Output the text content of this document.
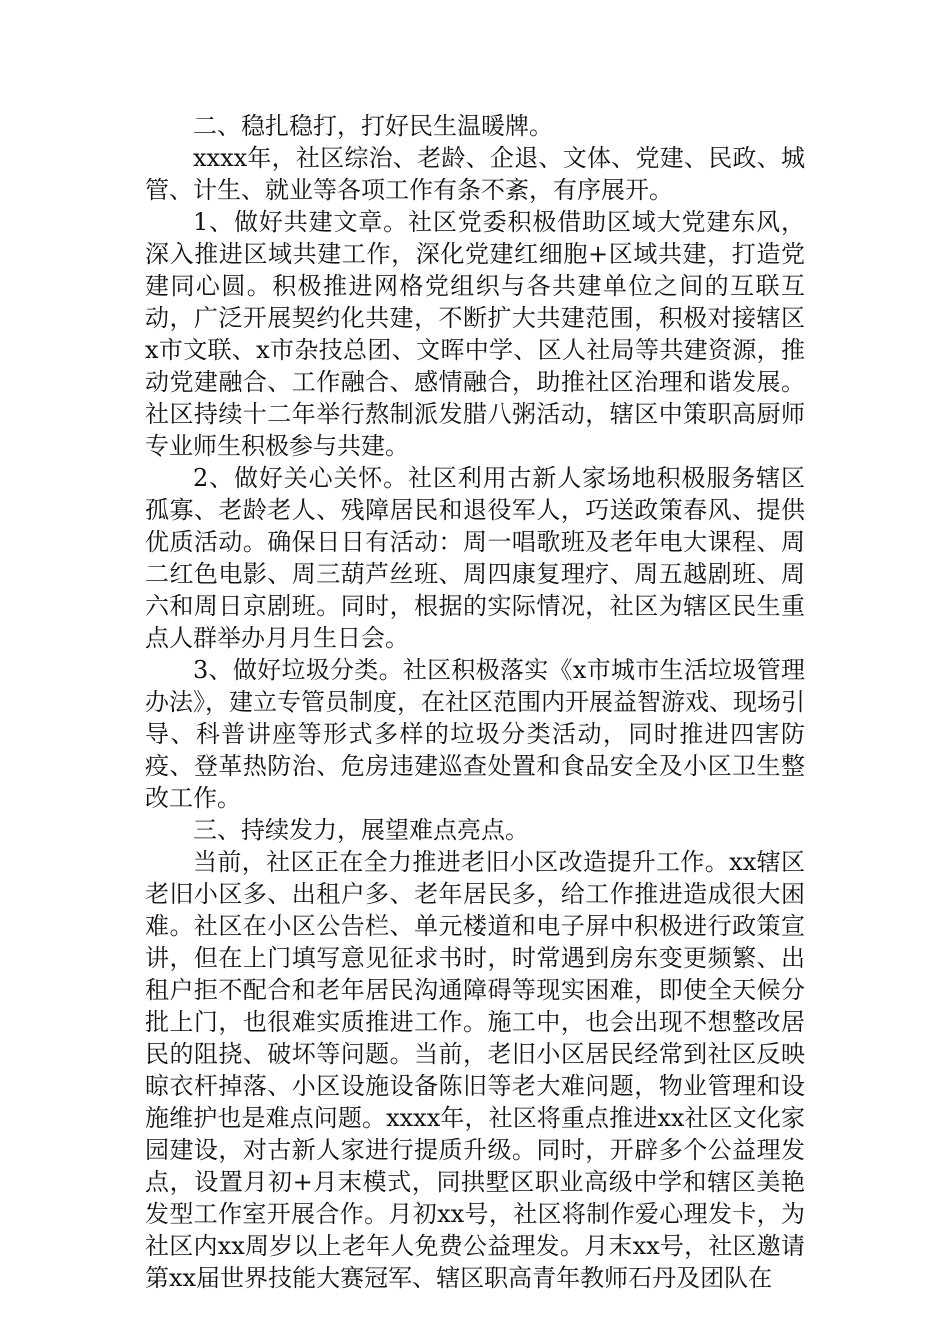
二、稳扎稳打，打好民生温暖牌。

xxxx年，社区综治、老龄、企退、文体、党建、民政、城管、计生、就业等各项工作有条不紊，有序展开。

1、做好共建文章。社区党委积极借助区域大党建东风，深入推进区域共建工作，深化党建红细胞+区域共建，打造党建同心圆。积极推进网格党组织与各共建单位之间的互联互动，广泛开展契约化共建，不断扩大共建范围，积极对接辖区x市文联、x市杂技总团、文晖中学、区人社局等共建资源，推动党建融合、工作融合、感情融合，助推社区治理和谐发展。社区持续十二年举行熬制派发腊八粥活动，辖区中策职高厨师专业师生积极参与共建。

2、做好关心关怀。社区利用古新人家场地积极服务辖区孤寡、老龄老人、残障居民和退役军人，巧送政策春风、提供优质活动。确保日日有活动：周一唱歌班及老年电大课程、周二红色电影、周三葫芦丝班、周四康复理疗、周五越剧班、周六和周日京剧班。同时，根据的实际情况，社区为辖区民生重点人群举办月月生日会。

3、做好垃圾分类。社区积极落实《x市城市生活垃圾管理办法》，建立专管员制度，在社区范围内开展益智游戏、现场引导、科普讲座等形式多样的垃圾分类活动，同时推进四害防疫、登革热防治、危房违建巡查处置和食品安全及小区卫生整改工作。

三、持续发力，展望难点亮点。

当前，社区正在全力推进老旧小区改造提升工作。xx辖区老旧小区多、出租户多、老年居民多，给工作推进造成很大困难。社区在小区公告栏、单元楼道和电子屏中积极进行政策宣讲，但在上门填写意见征求书时，时常遇到房东变更频繁、出租户拒不配合和老年居民沟通障碍等现实困难，即使全天候分批上门，也很难实质推进工作。施工中，也会出现不想整改居民的阻挠、破坏等问题。当前，老旧小区居民经常到社区反映晾衣杆掉落、小区设施设备陈旧等老大难问题，物业管理和设施维护也是难点问题。xxxx年，社区将重点推进xx社区文化家园建设，对古新人家进行提质升级。同时，开辟多个公益理发点，设置月初+月末模式，同拱墅区职业高级中学和辖区美艳发型工作室开展合作。月初xx号，社区将制作爱心理发卡，为社区内xx周岁以上老年人免费公益理发。月末xx号，社区邀请第xx届世界技能大赛冠军、辖区职高青年教师石丹及团队在
